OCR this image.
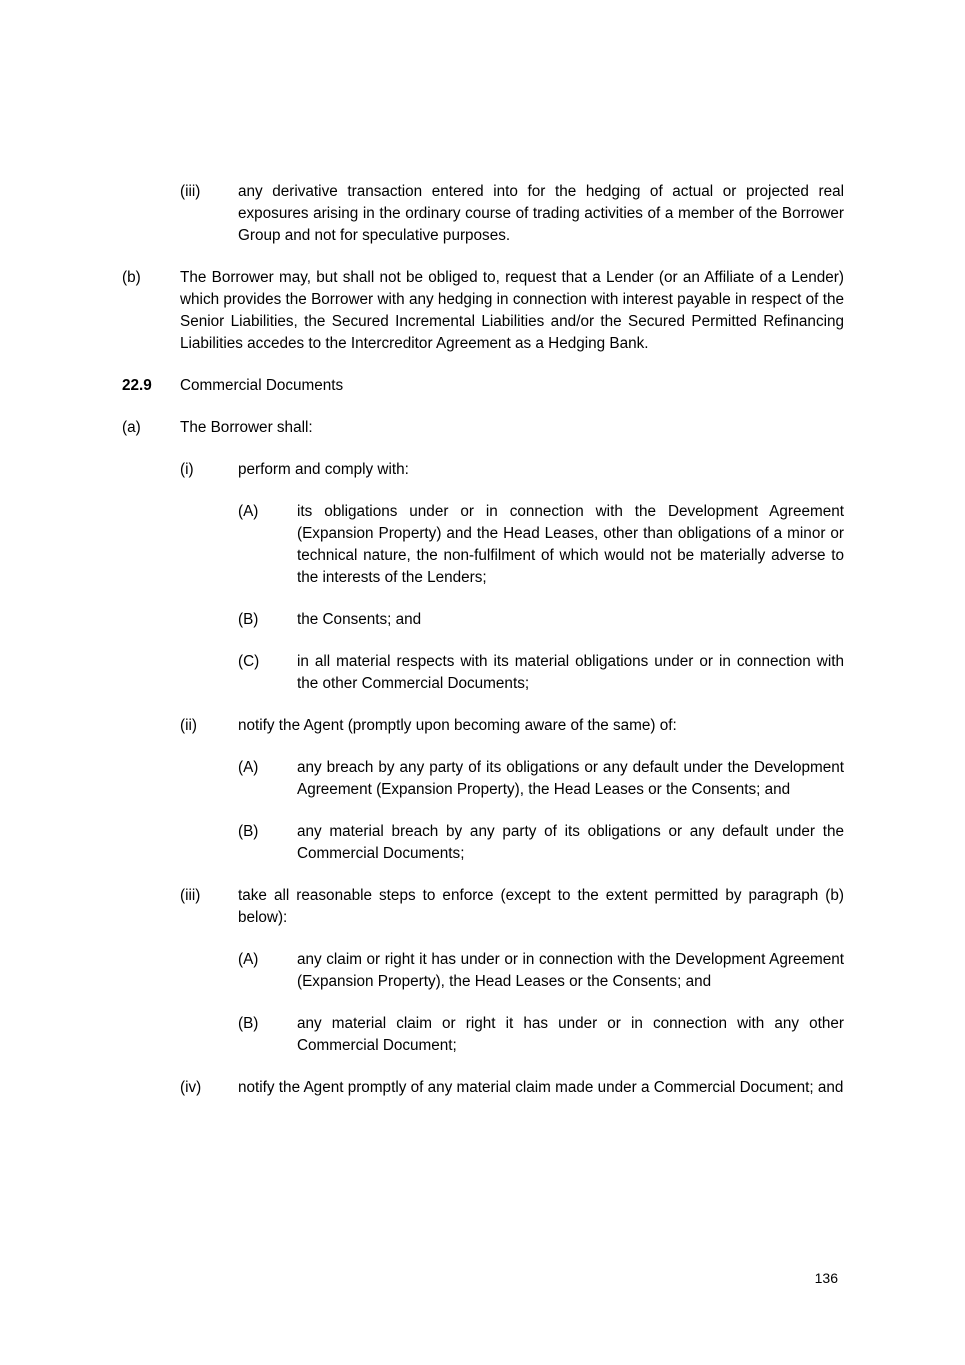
(iii)	any derivative transaction entered into for the hedging of actual or projected real exposures arising in the ordinary course of trading activities of a member of the Borrower Group and not for speculative purposes.
(b)	The Borrower may, but shall not be obliged to, request that a Lender (or an Affiliate of a Lender) which provides the Borrower with any hedging in connection with interest payable in respect of the Senior Liabilities, the Secured Incremental Liabilities and/or the Secured Permitted Refinancing Liabilities accedes to the Intercreditor Agreement as a Hedging Bank.
22.9	Commercial Documents
(a)	The Borrower shall:
(i)	perform and comply with:
(A)	its obligations under or in connection with the Development Agreement (Expansion Property) and the Head Leases, other than obligations of a minor or technical nature, the non-fulfilment of which would not be materially adverse to the interests of the Lenders;
(B)	the Consents; and
(C)	in all material respects with its material obligations under or in connection with the other Commercial Documents;
(ii)	notify the Agent (promptly upon becoming aware of the same) of:
(A)	any breach by any party of its obligations or any default under the Development Agreement (Expansion Property), the Head Leases or the Consents; and
(B)	any material breach by any party of its obligations or any default under the Commercial Documents;
(iii)	take all reasonable steps to enforce (except to the extent permitted by paragraph (b) below):
(A)	any claim or right it has under or in connection with the Development Agreement (Expansion Property), the Head Leases or the Consents; and
(B)	any material claim or right it has under or in connection with any other Commercial Document;
(iv)	notify the Agent promptly of any material claim made under a Commercial Document; and
136
